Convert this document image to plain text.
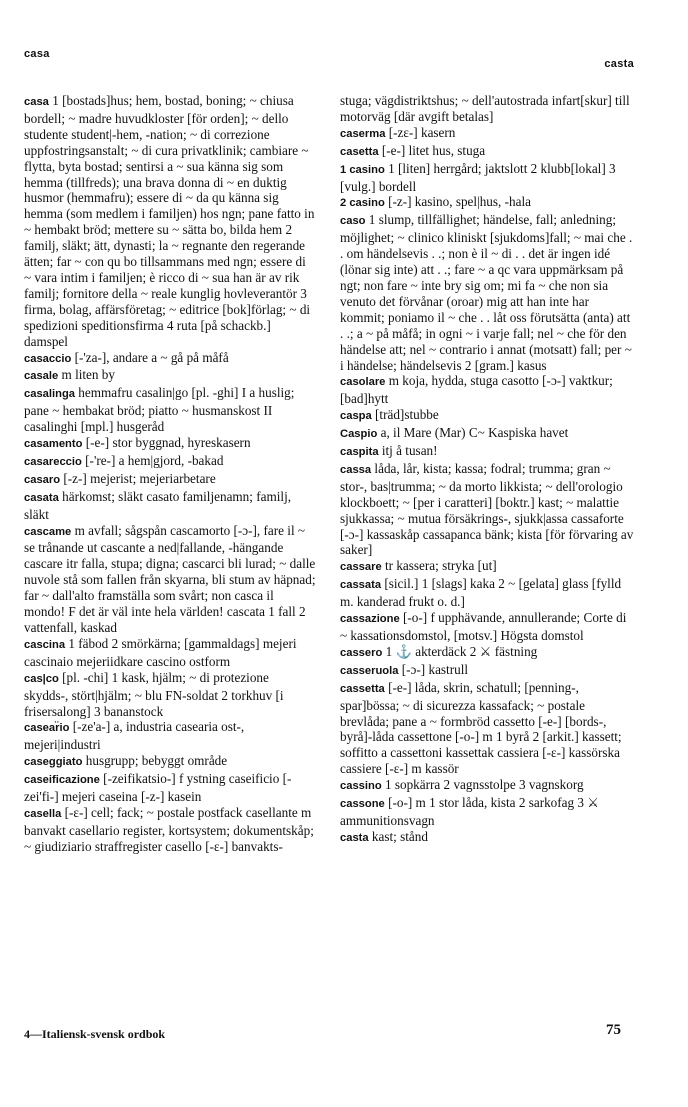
casa
casta

casa 1 [bostads]hus; hem, bostad, boning; ~ chiusa bordell; ~ madre huvudkloster [för orden]; ~ dello studente student|-hem, -nation; ~ di correzione uppfostringsanstalt; ~ di cura privatklinik; cambiare ~ flytta, byta bostad; sentirsi a ~ sua känna sig som hemma (tillfreds); una brava donna di ~ en duktig husmor (hemmafru); essere di ~ da qu känna sig hemma (som medlem i familjen) hos ngn; pane fatto in ~ hembakt bröd; mettere su ~ sätta bo, bilda hem 2 familj, släkt; ätt, dynasti; la ~ regnante den regerande ätten; far ~ con qu bo tillsammans med ngn; essere di ~ vara intim i familjen; è ricco di ~ sua han är av rik familj; fornitore della ~ reale kunglig hovleverantör 3 firma, bolag, affärsföretag; ~ editrice [bok]förlag; ~ di spedizioni speditionsfirma 4 ruta [på schackb.] damspel

casaccio [-'za-], andare a ~ gå på måfå

casale m liten by

casalinga hemmafru casalin|go [pl. -ghi] I a huslig; pane ~ hembakat bröd; piatto ~ husmanskost II casalinghi [mpl.] husgeråd

casamento [-e-] stor byggnad, hyreskasern

casareccio [-'re-] a hem|gjord, -bakad

casaro [-z-] mejerist; mejeriarbetare

casata härkomst; släkt casato familjenamn; familj, släkt

cascame m avfall; sågspån cascamorto [-ɔ-], fare il ~ se trånande ut cascante a ned|fallande, -hängande cascare itr falla, stupa; digna; cascarci bli lurad; ~ dalle nuvole stå som fallen från skyarna, bli stum av häpnad; far ~ dall'alto framställa som svårt; non casca il mondo! F det är väl inte hela världen! cascata 1 fall 2 vattenfall, kaskad

cascina 1 fäbod 2 smörkärna; [gammaldags] mejeri cascinaio mejeriidkare cascino ostform

cas|co [pl. -chi] 1 kask, hjälm; ~ di protezione skydds-, stört|hjälm; ~ blu FN-soldat 2 torkhuv [i frisersalong] 3 bananstock

casear̈io [-ze'a-] a, industria casearia ost-, mejeri|industri

caseggiato husgrupp; bebyggt område

caseificazione [-zeifikatsio-] f ystning caseificio [-zei'fi-] mejeri caseina [-z-] kasein

casella [-ɛ-] cell; fack; ~ postale postfack casellante m banvakt casellario register, kortsystem; dokumentskåp; ~ giudiziario straffregister casello [-ɛ-] banvakts-

stuga; vägdistriktshus; ~ dell'autostrada infart[skur] till motorväg [där avgift betalas]

caserma [-zɛ-] kasern

casetta [-e-] litet hus, stuga

1 casino 1 [liten] herrgård; jaktslott 2 klubb[lokal] 3 [vulg.] bordell

2 casino [-z-] kasino, spel|hus, -hala

caso 1 slump, tillfällighet; händelse, fall; anledning; möjlighet; ~ clinico kliniskt [sjukdoms]fall; ~ mai che . . om händelsevis . .; non è il ~ di . . det är ingen idé (lönar sig inte) att . .; fare ~ a qc vara uppmärksam på ngt; non fare ~ inte bry sig om; mi fa ~ che non sia venuto det förvånar (oroar) mig att han inte har kommit; poniamo il ~ che . . låt oss förutsätta (anta) att . .; a ~ på måfå; in ogni ~ i varje fall; nel ~ che för den händelse att; nel ~ contrario i annat (motsatt) fall; per ~ i händelse; händelsevis 2 [gram.] kasus

casolare m koja, hydda, stuga casotto [-ɔ-] vaktkur; [bad]hytt

caspa [träd]stubbe

Caspio a, il Mare (Mar) C~ Kaspiska havet

caspita itj å tusan!

cassa låda, lår, kista; kassa; fodral; trumma; gran ~ stor-, bas|trumma; ~ da morto likkista; ~ dell'orologio klockboett; ~ [per i caratteri] [boktr.] kast; ~ malattie sjukkassa; ~ mutua försäkrings-, sjukk|assa cassaforte [-ɔ-] kassaskåp cassapanca bänk; kista [för förvaring av saker]

cassare tr kassera; stryka [ut]

cassata [sicil.] 1 [slags] kaka 2 ~ [gelata] glass [fylld m. kanderad frukt o. d.]

cassazione [-o-] f upphävande, annullerande; Corte di ~ kassationsdomstol, [motsv.] Högsta domstol

cassero 1 ⚓ akterdäck 2 ⚔ fästning

casseruola [-ɔ-] kastrull

cassetta [-e-] låda, skrin, schatull; [penning-, spar]bössa; ~ di sicurezza kassafack; ~ postale brevlåda; pane a ~ formbröd cassetto [-e-] [bords-, byrå]-låda cassettone [-o-] m 1 byrå 2 [arkit.] kassett; soffitto a cassettoni kassettak cassiera [-ɛ-] kassörska cassiere [-ɛ-] m kassör

cassino 1 sopkärra 2 vagnsstolpe 3 vagnskorg

cassone [-o-] m 1 stor låda, kista 2 sarkofag 3 ⚔ ammunitionsvagn

casta kast; stånd

4—Italiensk-svensk ordbok	75
